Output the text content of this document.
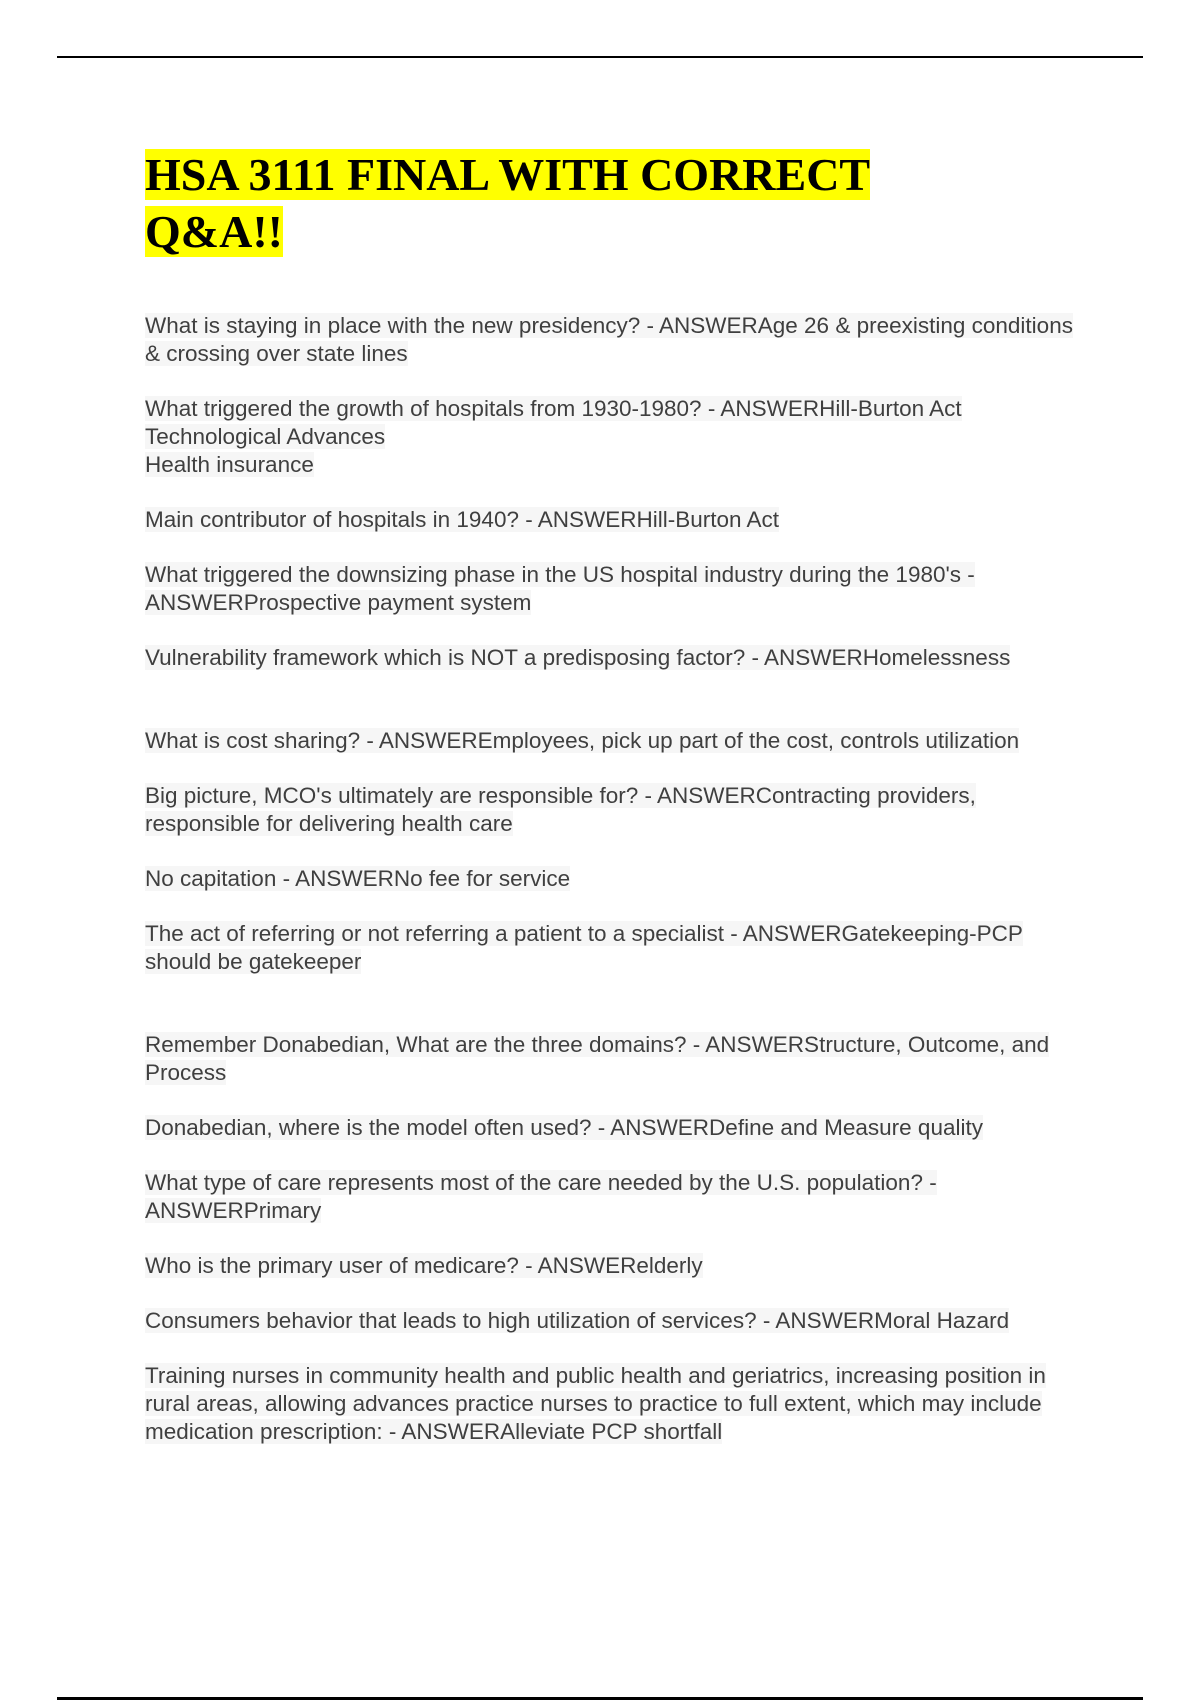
HSA 3111 FINAL WITH CORRECT
Q&A!!
What is staying in place with the new presidency? - ANSWERAge 26 & preexisting conditions & crossing over state lines
What triggered the growth of hospitals from 1930-1980? - ANSWERHill-Burton Act
Technological Advances
Health insurance
Main contributor of hospitals in 1940? - ANSWERHill-Burton Act
What triggered the downsizing phase in the US hospital industry during the 1980's - ANSWERProspective payment system
Vulnerability framework which is NOT a predisposing factor? - ANSWERHomelessness
What is cost sharing? - ANSWEREmployees, pick up part of the cost, controls utilization
Big picture, MCO's ultimately are responsible for? - ANSWERContracting providers, responsible for delivering health care
No capitation - ANSWERNo fee for service
The act of referring or not referring a patient to a specialist - ANSWERGatekeeping-PCP should be gatekeeper
Remember Donabedian, What are the three domains? - ANSWERStructure, Outcome, and Process
Donabedian, where is the model often used? - ANSWERDefine and Measure quality
What type of care represents most of the care needed by the U.S. population? - ANSWERPrimary
Who is the primary user of medicare? - ANSWERelderly
Consumers behavior that leads to high utilization of services? - ANSWERMoral Hazard
Training nurses in community health and public health and geriatrics, increasing position in rural areas, allowing advances practice nurses to practice to full extent, which may include medication prescription: - ANSWERAlleviate PCP shortfall
